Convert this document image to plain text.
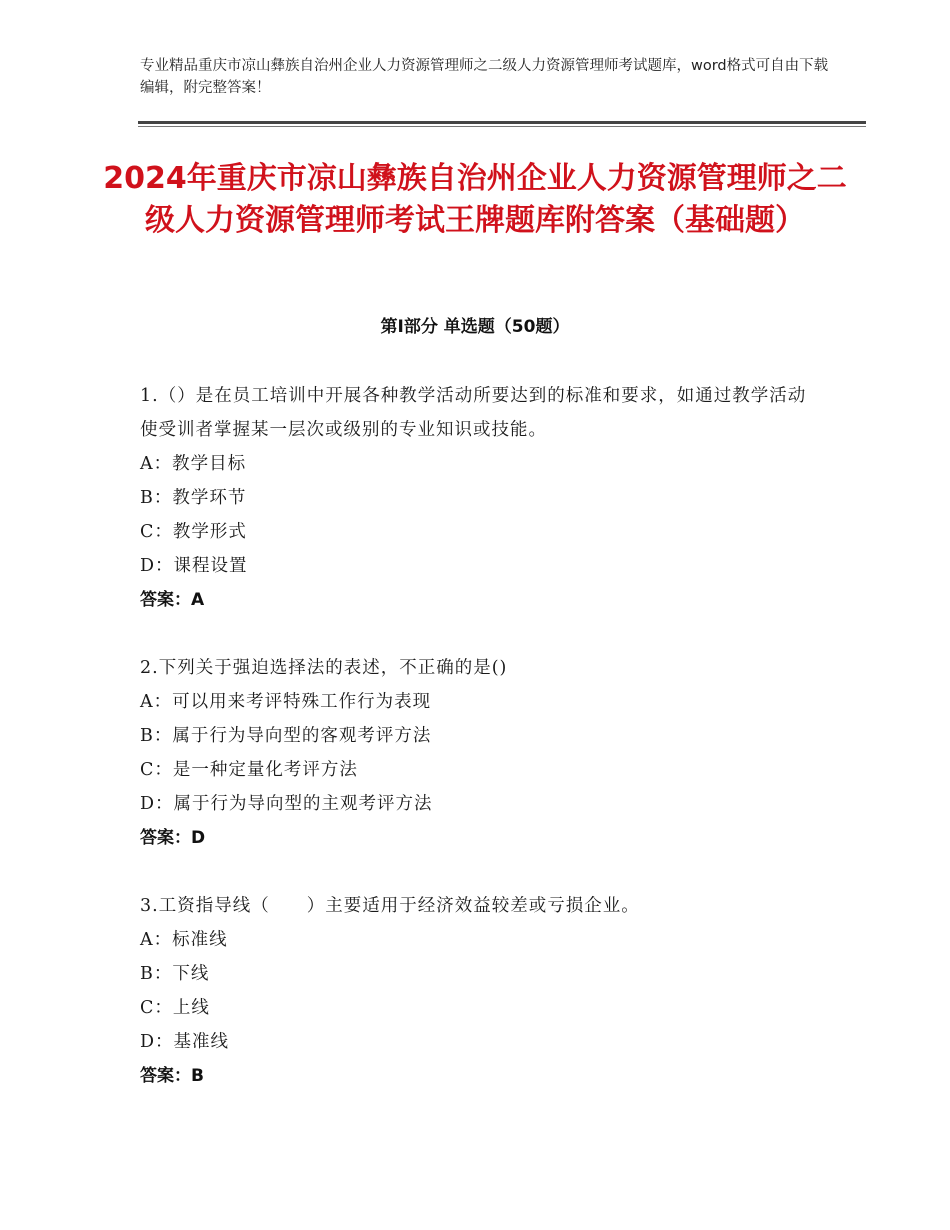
专业精品重庆市凉山彝族自治州企业人力资源管理师之二级人力资源管理师考试题库，word格式可自由下载编辑，附完整答案！
2024年重庆市凉山彝族自治州企业人力资源管理师之二级人力资源管理师考试王牌题库附答案（基础题）
第Ⅰ部分 单选题（50题）
1.（）是在员工培训中开展各种教学活动所要达到的标准和要求，如通过教学活动使受训者掌握某一层次或级别的专业知识或技能。
A：教学目标
B：教学环节
C：教学形式
D：课程设置
答案：A
2.下列关于强迫选择法的表述，不正确的是()
A：可以用来考评特殊工作行为表现
B：属于行为导向型的客观考评方法
C：是一种定量化考评方法
D：属于行为导向型的主观考评方法
答案：D
3.工资指导线（　　）主要适用于经济效益较差或亏损企业。
A：标准线
B：下线
C：上线
D：基准线
答案：B
